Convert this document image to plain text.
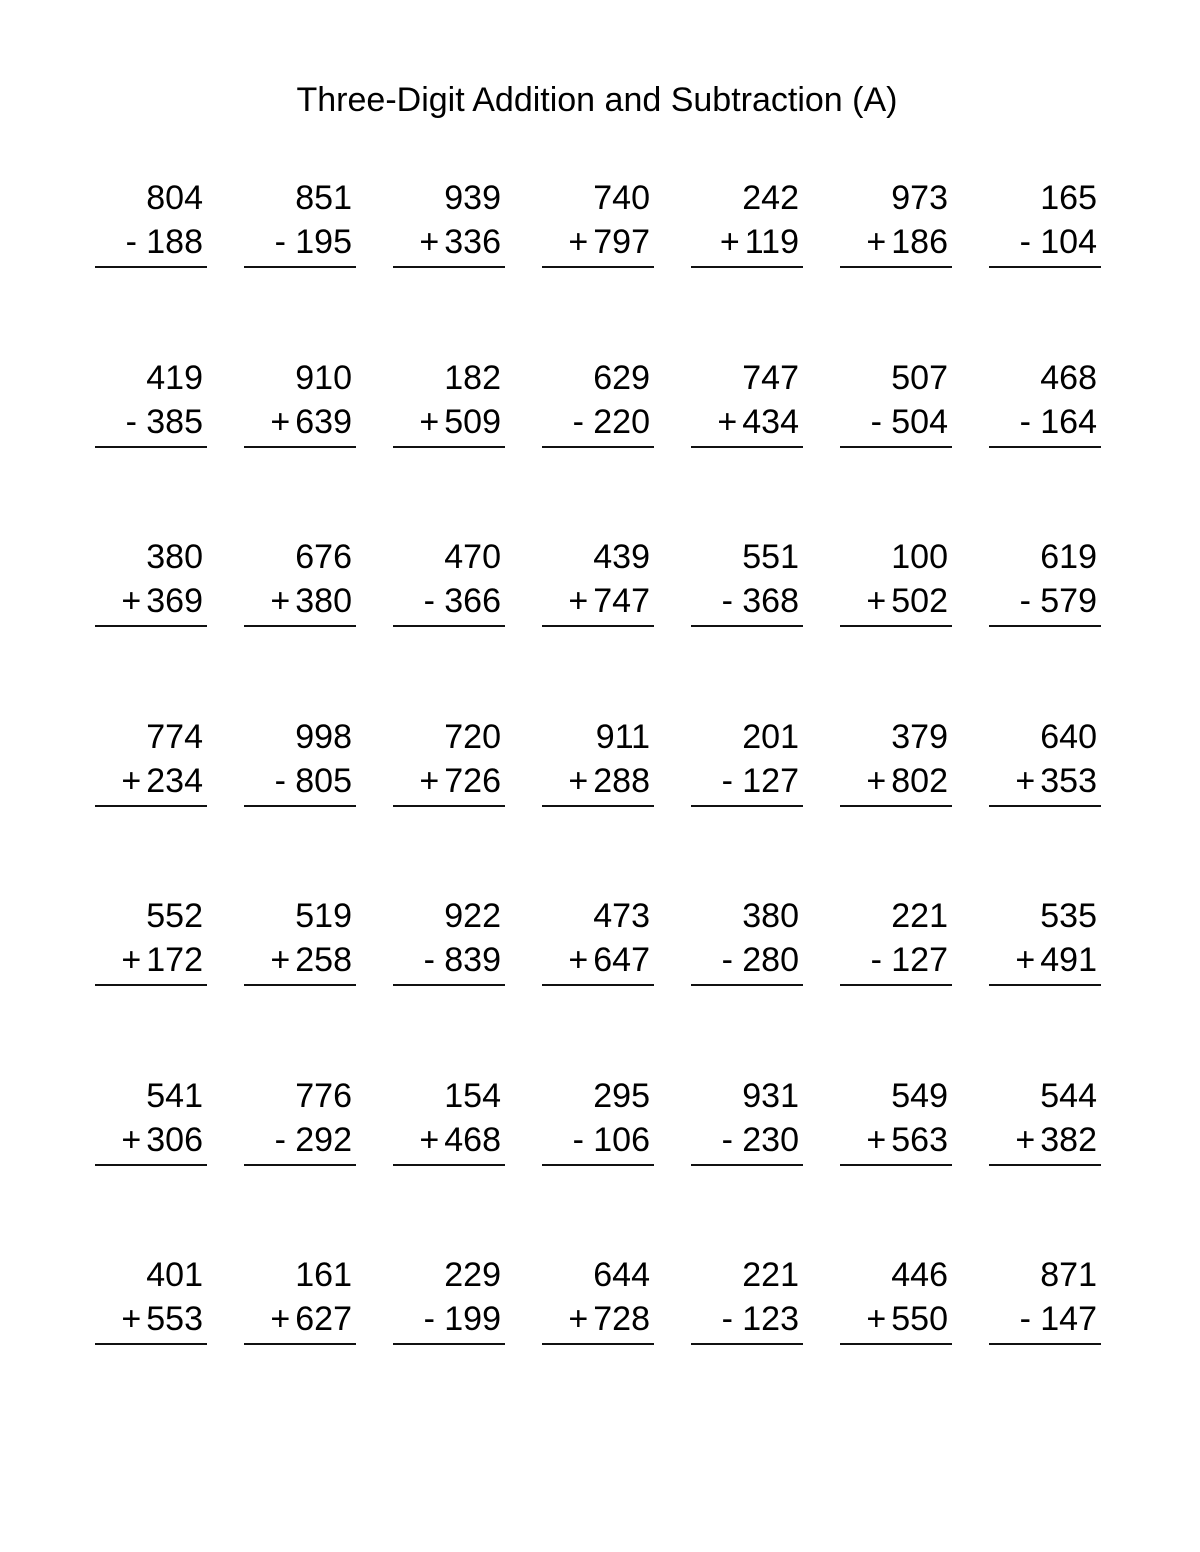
Three-Digit Addition and Subtraction (A)
804
- 188
851
- 195
939
+ 336
740
+ 797
242
+ 119
973
+ 186
165
- 104
419
- 385
910
+ 639
182
+ 509
629
- 220
747
+ 434
507
- 504
468
- 164
380
+ 369
676
+ 380
470
- 366
439
+ 747
551
- 368
100
+ 502
619
- 579
774
+ 234
998
- 805
720
+ 726
911
+ 288
201
- 127
379
+ 802
640
+ 353
552
+ 172
519
+ 258
922
- 839
473
+ 647
380
- 280
221
- 127
535
+ 491
541
+ 306
776
- 292
154
+ 468
295
- 106
931
- 230
549
+ 563
544
+ 382
401
+ 553
161
+ 627
229
- 199
644
+ 728
221
- 123
446
+ 550
871
- 147
